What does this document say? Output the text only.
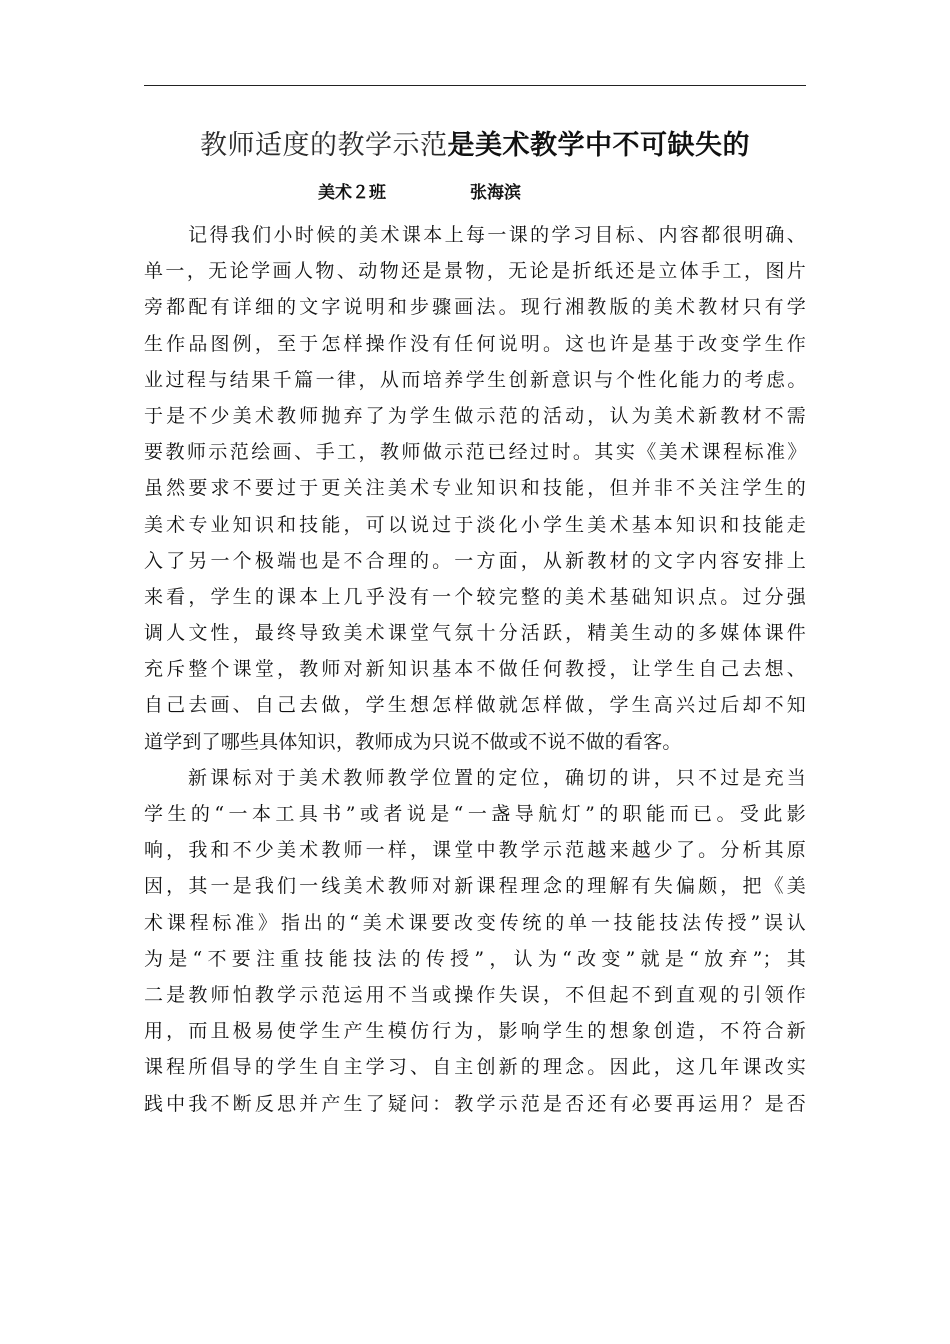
教师适度的教学示范是美术教学中不可缺失的
美术２班	张海滨
记得我们小时候的美术课本上每一课的学习目标、内容都很明确、
单一，无论学画人物、动物还是景物，无论是折纸还是立体手工，图片
旁都配有详细的文字说明和步骤画法。现行湘教版的美术教材只有学
生作品图例，至于怎样操作没有任何说明。这也许是基于改变学生作
业过程与结果千篇一律，从而培养学生创新意识与个性化能力的考虑。
于是不少美术教师抛弃了为学生做示范的活动，认为美术新教材不需
要教师示范绘画、手工，教师做示范已经过时。其实《美术课程标准》
虽然要求不要过于更关注美术专业知识和技能，但并非不关注学生的
美术专业知识和技能，可以说过于淡化小学生美术基本知识和技能走
入了另一个极端也是不合理的。一方面，从新教材的文字内容安排上
来看，学生的课本上几乎没有一个较完整的美术基础知识点。过分强
调人文性，最终导致美术课堂气氛十分活跃，精美生动的多媒体课件
充斥整个课堂，教师对新知识基本不做任何教授，让学生自己去想、
自己去画、自己去做，学生想怎样做就怎样做，学生高兴过后却不知
道学到了哪些具体知识，教师成为只说不做或不说不做的看客。
新课标对于美术教师教学位置的定位，确切的讲，只不过是充当
学生的“一本工具书”或者说是“一盏导航灯”的职能而已。受此影
响，我和不少美术教师一样，课堂中教学示范越来越少了。分析其原
因，其一是我们一线美术教师对新课程理念的理解有失偏颇，把《美
术课程标准》指出的“美术课要改变传统的单一技能技法传授”误认
为是“不要注重技能技法的传授”，认为“改变”就是“放弃”；其
二是教师怕教学示范运用不当或操作失误，不但起不到直观的引领作
用，而且极易使学生产生模仿行为，影响学生的想象创造，不符合新
课程所倡导的学生自主学习、自主创新的理念。因此，这几年课改实
践中我不断反思并产生了疑问：教学示范是否还有必要再运用？是否
